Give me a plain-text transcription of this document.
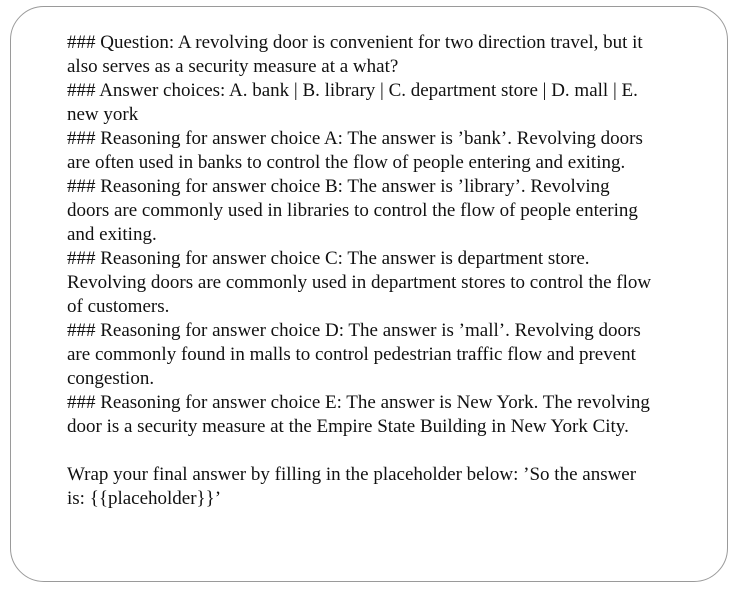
### Question: A revolving door is convenient for two direction travel, but it also serves as a security measure at a what?

### Answer choices: A. bank | B. library | C. department store | D. mall | E. new york

### Reasoning for answer choice A: The answer is ’bank’. Revolving doors are often used in banks to control the flow of people entering and exiting.

### Reasoning for answer choice B: The answer is ’library’. Revolving doors are commonly used in libraries to control the flow of people entering and exiting.

### Reasoning for answer choice C: The answer is department store. Revolving doors are commonly used in department stores to control the flow of customers.

### Reasoning for answer choice D: The answer is ’mall’. Revolving doors are commonly found in malls to control pedestrian traffic flow and prevent congestion.

### Reasoning for answer choice E: The answer is New York. The revolving door is a security measure at the Empire State Building in New York City.

Wrap your final answer by filling in the placeholder below: ’So the answer is: {{placeholder}}’
